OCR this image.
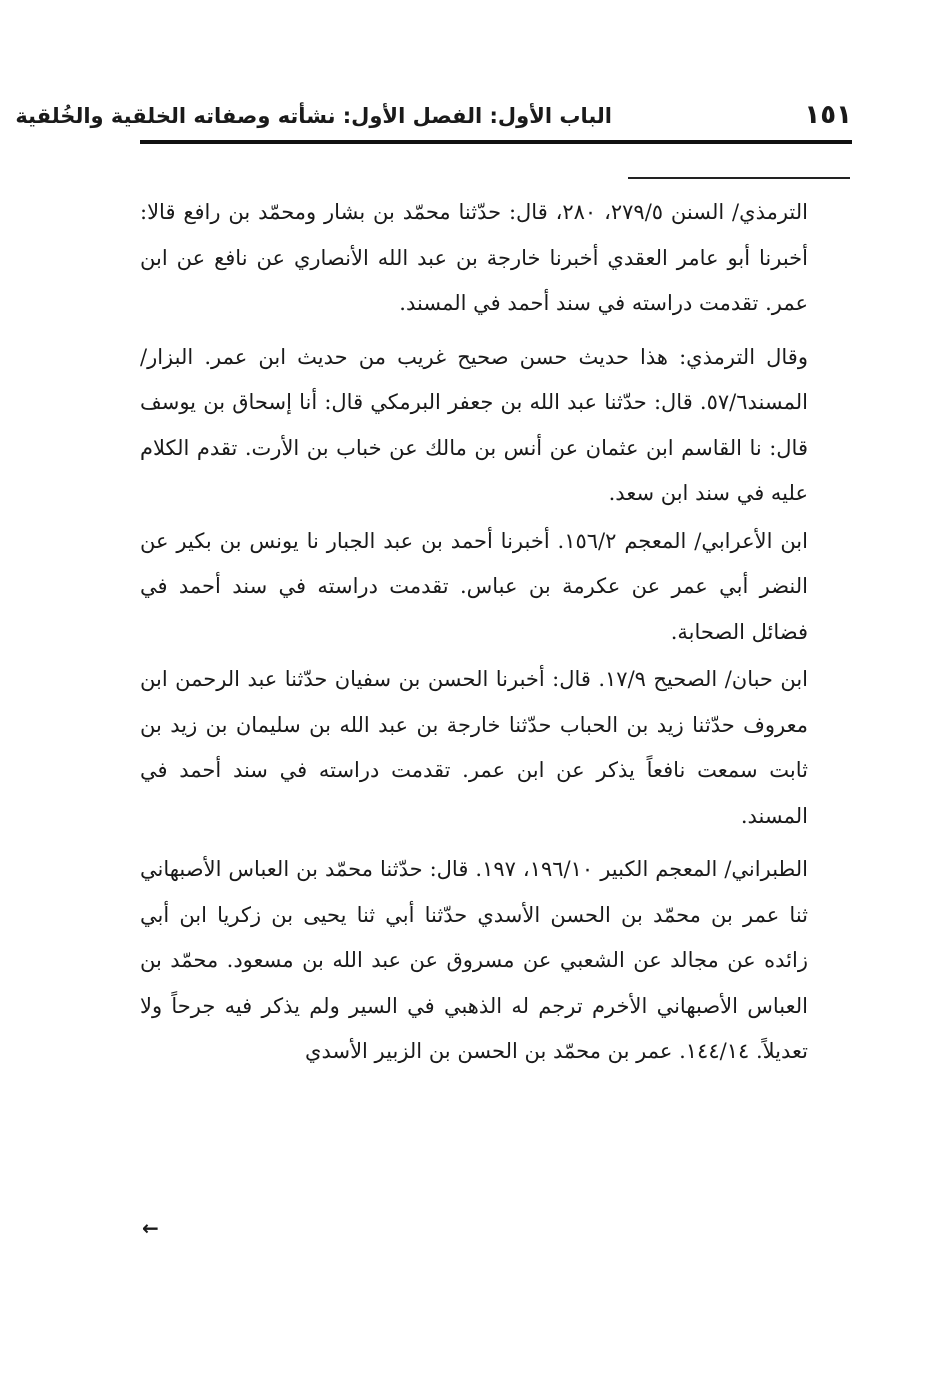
١٥١
الباب الأول: الفصل الأول: نشأته وصفاته الخلقية والخُلقية

الترمذي/ السنن ٢٧٩/٥، ٢٨٠، قال: حدّثنا محمّد بن بشار ومحمّد بن رافع قالا: أخبرنا أبو عامر العقدي أخبرنا خارجة بن عبد الله الأنصاري عن نافع عن ابن عمر. تقدمت دراسته في سند أحمد في المسند.

وقال الترمذي: هذا حديث حسن صحيح غريب من حديث ابن عمر. البزار/ المسند٥٧/٦. قال: حدّثنا عبد الله بن جعفر البرمكي قال: أنا إسحاق بن يوسف قال: نا القاسم ابن عثمان عن أنس بن مالك عن خباب بن الأرت. تقدم الكلام عليه في سند ابن سعد.

ابن الأعرابي/ المعجم ١٥٦/٢. أخبرنا أحمد بن عبد الجبار نا يونس بن بكير عن النضر أبي عمر عن عكرمة بن عباس. تقدمت دراسته في سند أحمد في فضائل الصحابة.

ابن حبان/ الصحيح ١٧/٩. قال: أخبرنا الحسن بن سفيان حدّثنا عبد الرحمن ابن معروف حدّثنا زيد بن الحباب حدّثنا خارجة بن عبد الله بن سليمان بن زيد بن ثابت سمعت نافعاً يذكر عن ابن عمر. تقدمت دراسته في سند أحمد في المسند.

الطبراني/ المعجم الكبير ١٩٦/١٠، ١٩٧. قال: حدّثنا محمّد بن العباس الأصبهاني ثنا عمر بن محمّد بن الحسن الأسدي حدّثنا أبي ثنا يحيى بن زكريا ابن أبي زائده عن مجالد عن الشعبي عن مسروق عن عبد الله بن مسعود. محمّد بن العباس الأصبهاني الأخرم ترجم له الذهبي في السير ولم يذكر فيه جرحاً ولا تعديلاً. ١٤٤/١٤. عمر بن محمّد بن الحسن بن الزبير الأسدي

←
